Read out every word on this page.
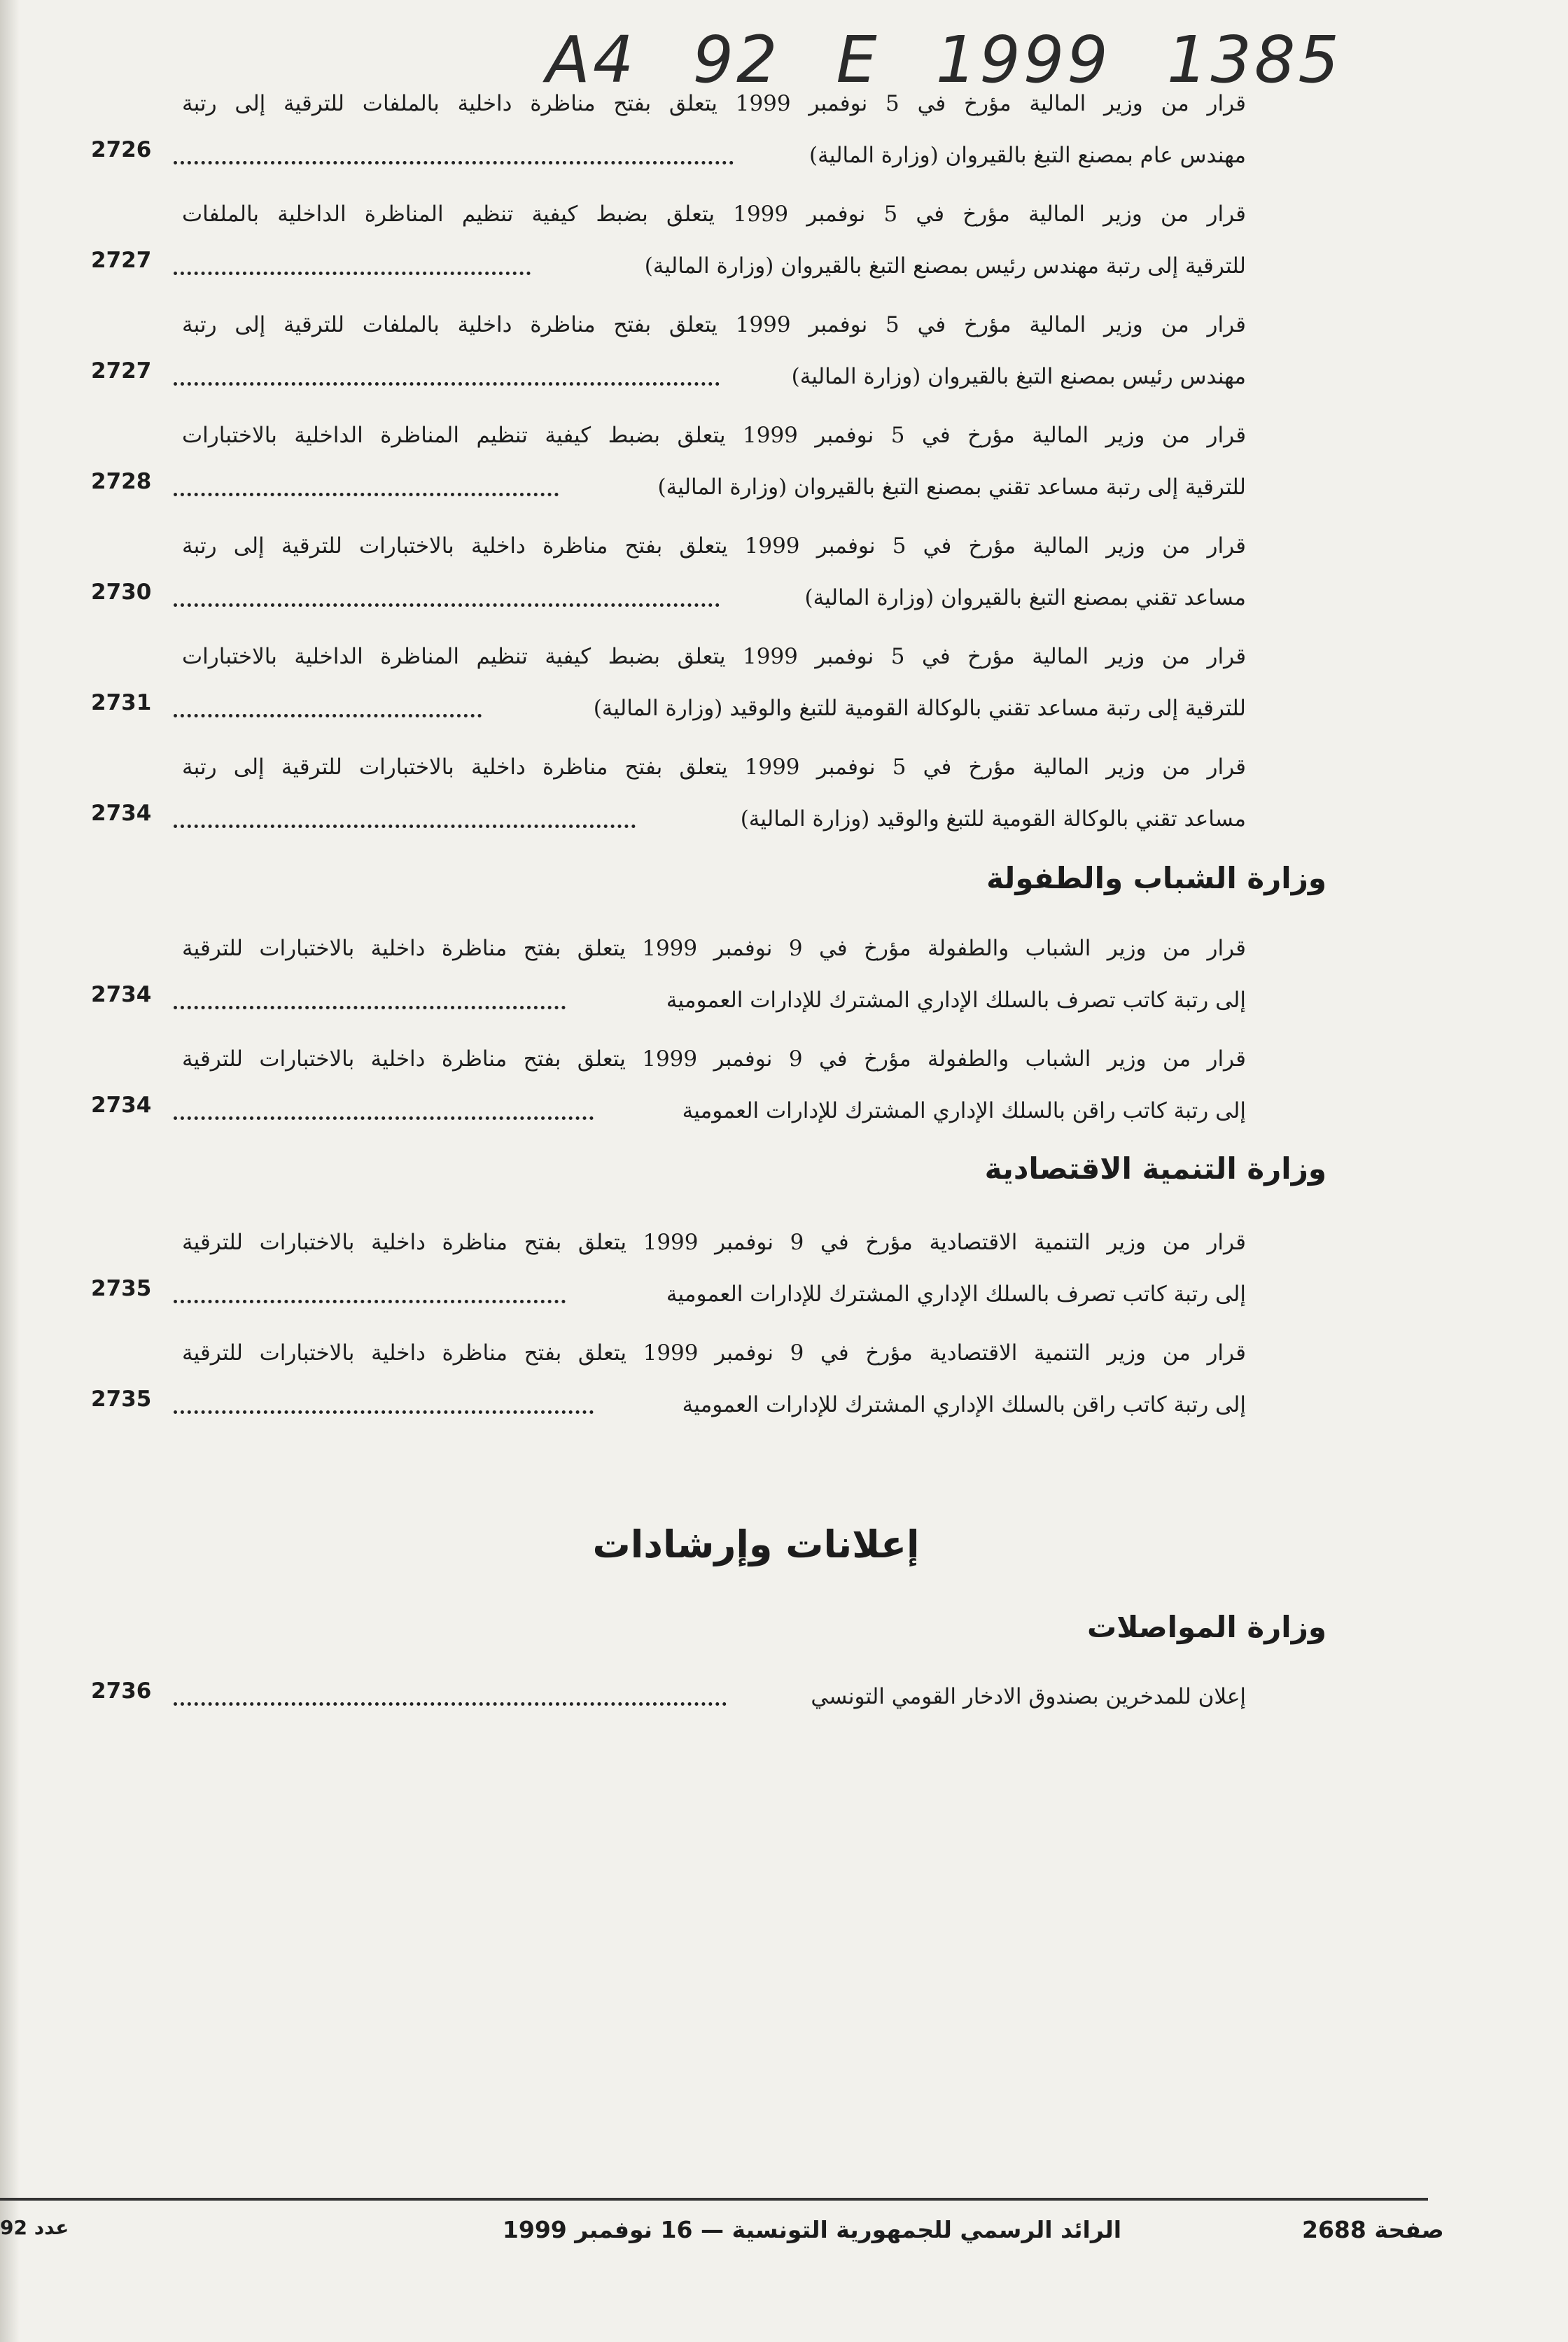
A4 92 E 1999 1385
قرار من وزير المالية مؤرخ في 5 نوفمبر 1999 يتعلق بفتح مناظرة داخلية بالملفات للترقية إلى رتبة
مهندس عام بمصنع التبغ بالقيروان (وزارة المالية)
2726
قرار من وزير المالية مؤرخ في 5 نوفمبر 1999 يتعلق بضبط كيفية تنظيم المناظرة الداخلية بالملفات
للترقية إلى رتبة مهندس رئيس بمصنع التبغ بالقيروان (وزارة المالية)
2727
قرار من وزير المالية مؤرخ في 5 نوفمبر 1999 يتعلق بفتح مناظرة داخلية بالملفات للترقية إلى رتبة
مهندس رئيس بمصنع التبغ بالقيروان (وزارة المالية)
2727
قرار من وزير المالية مؤرخ في 5 نوفمبر 1999 يتعلق بضبط كيفية تنظيم المناظرة الداخلية بالاختبارات
للترقية إلى رتبة مساعد تقني بمصنع التبغ بالقيروان (وزارة المالية)
2728
قرار من وزير المالية مؤرخ في 5 نوفمبر 1999 يتعلق بفتح مناظرة داخلية بالاختبارات للترقية إلى رتبة
مساعد تقني بمصنع التبغ بالقيروان (وزارة المالية)
2730
قرار من وزير المالية مؤرخ في 5 نوفمبر 1999 يتعلق بضبط كيفية تنظيم المناظرة الداخلية بالاختبارات
للترقية إلى رتبة مساعد تقني بالوكالة القومية للتبغ والوقيد (وزارة المالية)
2731
قرار من وزير المالية مؤرخ في 5 نوفمبر 1999 يتعلق بفتح مناظرة داخلية بالاختبارات للترقية إلى رتبة
مساعد تقني بالوكالة القومية للتبغ والوقيد (وزارة المالية)
2734
وزارة الشباب والطفولة
قرار من وزير الشباب والطفولة مؤرخ في 9 نوفمبر 1999 يتعلق بفتح مناظرة داخلية بالاختبارات للترقية
إلى رتبة كاتب تصرف بالسلك الإداري المشترك للإدارات العمومية
2734
قرار من وزير الشباب والطفولة مؤرخ في 9 نوفمبر 1999 يتعلق بفتح مناظرة داخلية بالاختبارات للترقية
إلى رتبة كاتب راقن بالسلك الإداري المشترك للإدارات العمومية
2734
وزارة التنمية الاقتصادية
قرار من وزير التنمية الاقتصادية مؤرخ في 9 نوفمبر 1999 يتعلق بفتح مناظرة داخلية بالاختبارات للترقية
إلى رتبة كاتب تصرف بالسلك الإداري المشترك للإدارات العمومية
2735
قرار من وزير التنمية الاقتصادية مؤرخ في 9 نوفمبر 1999 يتعلق بفتح مناظرة داخلية بالاختبارات للترقية
إلى رتبة كاتب راقن بالسلك الإداري المشترك للإدارات العمومية
2735
إعلانات وإرشادات
وزارة المواصلات
إعلان للمدخرين بصندوق الادخار القومي التونسي
2736
صفحة 2688
الرائد الرسمي للجمهورية التونسية — 16 نوفمبر 1999
عدد 92
